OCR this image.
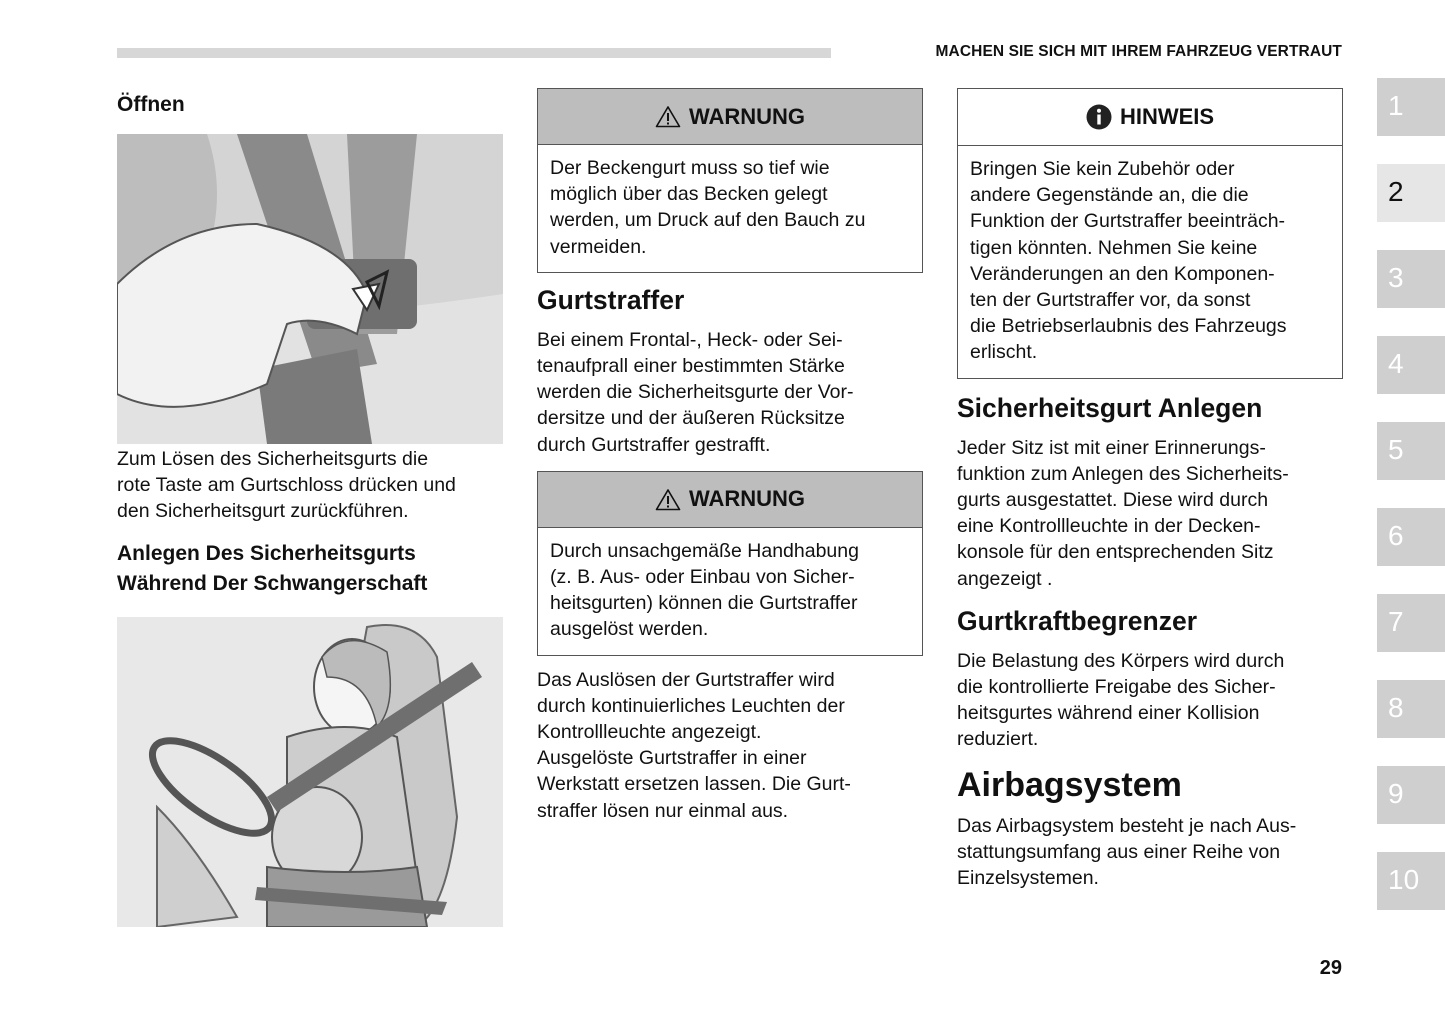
MACHEN SIE SICH MIT IHREM FAHRZEUG VERTRAUT
Öffnen
Zum Lösen des Sicherheitsgurts die
rote Taste am Gurtschloss drücken und
den Sicherheitsgurt zurückführen.
Anlegen Des Sicherheitsgurts
Während Der Schwangerschaft
WARNUNG
Der Beckengurt muss so tief wie
möglich über das Becken gelegt
werden, um Druck auf den Bauch zu
vermeiden.
Gurtstraffer
Bei einem Frontal-, Heck- oder Sei-
tenaufprall einer bestimmten Stärke
werden die Sicherheitsgurte der Vor-
dersitze und der äußeren Rücksitze
durch Gurtstraffer gestrafft.
WARNUNG
Durch unsachgemäße Handhabung
(z. B. Aus- oder Einbau von Sicher-
heitsgurten) können die Gurtstraffer
ausgelöst werden.
Das Auslösen der Gurtstraffer wird
durch kontinuierliches Leuchten der
Kontrollleuchte angezeigt.
Ausgelöste Gurtstraffer in einer
Werkstatt ersetzen lassen. Die Gurt-
straffer lösen nur einmal aus.
HINWEIS
Bringen Sie kein Zubehör oder
andere Gegenstände an, die die
Funktion der Gurtstraffer beeinträch-
tigen könnten. Nehmen Sie keine
Veränderungen an den Komponen-
ten der Gurtstraffer vor, da sonst
die Betriebserlaubnis des Fahrzeugs
erlischt.
Sicherheitsgurt Anlegen
Jeder Sitz ist mit einer Erinnerungs-
funktion zum Anlegen des Sicherheits-
gurts ausgestattet. Diese wird durch
eine Kontrollleuchte in der Decken-
konsole für den entsprechenden Sitz
angezeigt .
Gurtkraftbegrenzer
Die Belastung des Körpers wird durch
die kontrollierte Freigabe des Sicher-
heitsgurtes während einer Kollision
reduziert.
Airbagsystem
Das Airbagsystem besteht je nach Aus-
stattungsumfang aus einer Reihe von
Einzelsystemen.
1
2
3
4
5
6
7
8
9
10
29
